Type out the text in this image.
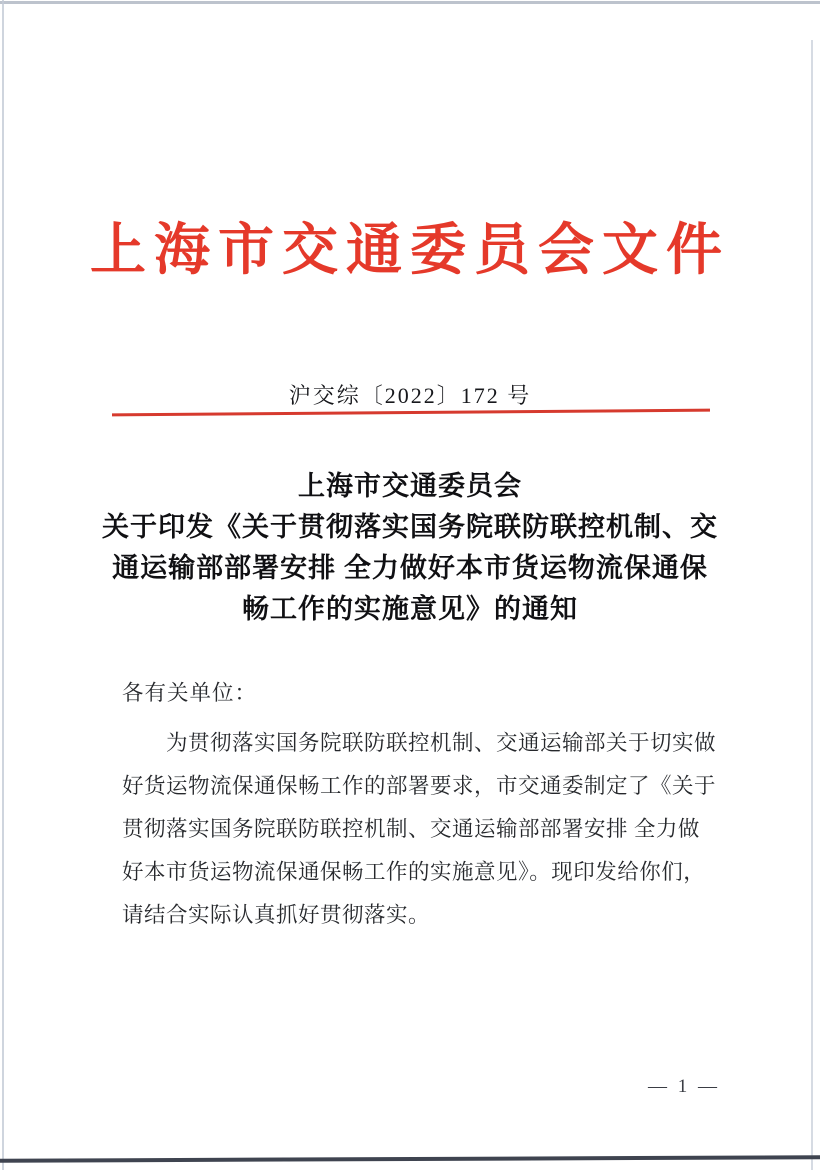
上海市交通委员会文件
沪交综〔2022〕172 号
上海市交通委员会
关于印发《关于贯彻落实国务院联防联控机制、交
通运输部部署安排 全力做好本市货运物流保通保
畅工作的实施意见》的通知
各有关单位：
为贯彻落实国务院联防联控机制、交通运输部关于切实做
好货运物流保通保畅工作的部署要求，市交通委制定了《关于
贯彻落实国务院联防联控机制、交通运输部部署安排 全力做
好本市货运物流保通保畅工作的实施意见》。现印发给你们，
请结合实际认真抓好贯彻落实。
— 1 —
